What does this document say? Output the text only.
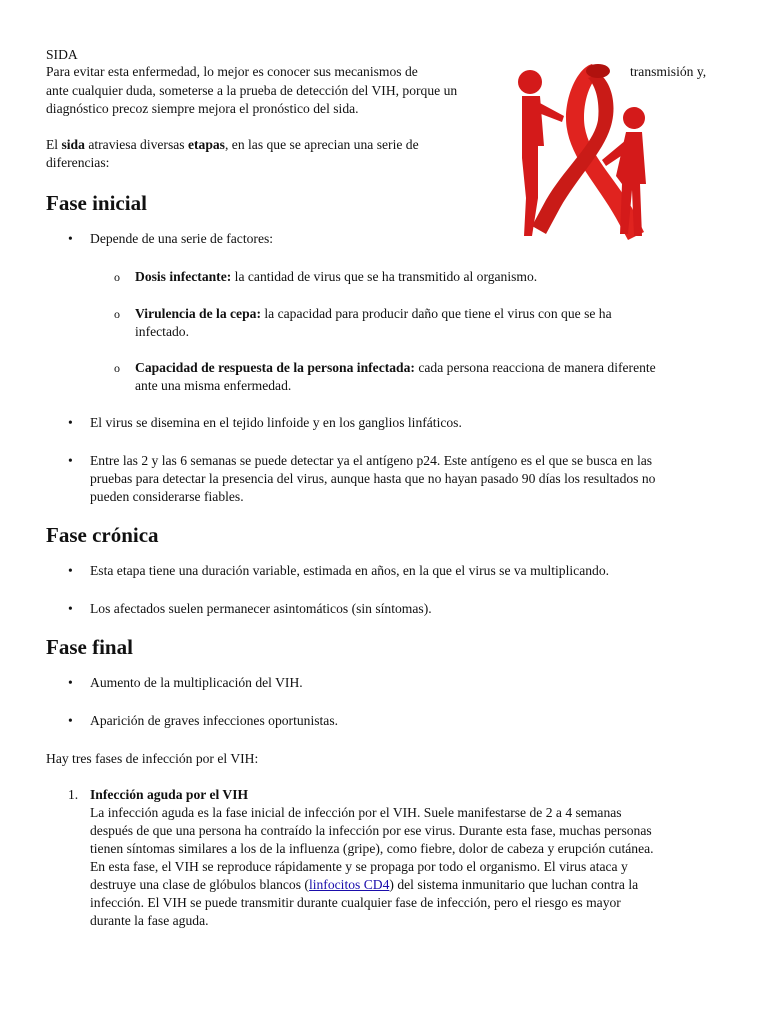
SIDA

Para evitar esta enfermedad, lo mejor es conocer sus mecanismos de	transmisión y,

ante cualquier duda, someterse a la prueba de detección del VIH, porque un

diagnóstico precoz siempre mejora el pronóstico del sida.

El sida atraviesa diversas etapas, en las que se aprecian una serie de

diferencias:

Fase inicial
• Depende de una serie de factores:
o Dosis infectante: la cantidad de virus que se ha transmitido al organismo.
o Virulencia de la cepa: la capacidad para producir daño que tiene el virus con que se ha
infectado.
o Capacidad de respuesta de la persona infectada: cada persona reacciona de manera diferente
ante una misma enfermedad.
• El virus se disemina en el tejido linfoide y en los ganglios linfáticos.
• Entre las 2 y las 6 semanas se puede detectar ya el antígeno p24. Este antígeno es el que se busca en las
pruebas para detectar la presencia del virus, aunque hasta que no hayan pasado 90 días los resultados no
pueden considerarse fiables.
Fase crónica
• Esta etapa tiene una duración variable, estimada en años, en la que el virus se va multiplicando.
• Los afectados suelen permanecer asintomáticos (sin síntomas).
Fase final
• Aumento de la multiplicación del VIH.
• Aparición de graves infecciones oportunistas.

Hay tres fases de infección por el VIH:

1. Infección aguda por el VIH
La infección aguda es la fase inicial de infección por el VIH. Suele manifestarse de 2 a 4 semanas
después de que una persona ha contraído la infección por ese virus. Durante esta fase, muchas personas
tienen síntomas similares a los de la influenza (gripe), como fiebre, dolor de cabeza y erupción cutánea.
En esta fase, el VIH se reproduce rápidamente y se propaga por todo el organismo. El virus ataca y
destruye una clase de glóbulos blancos (linfocitos CD4) del sistema inmunitario que luchan contra la
infección. El VIH se puede transmitir durante cualquier fase de infección, pero el riesgo es mayor
durante la fase aguda.
